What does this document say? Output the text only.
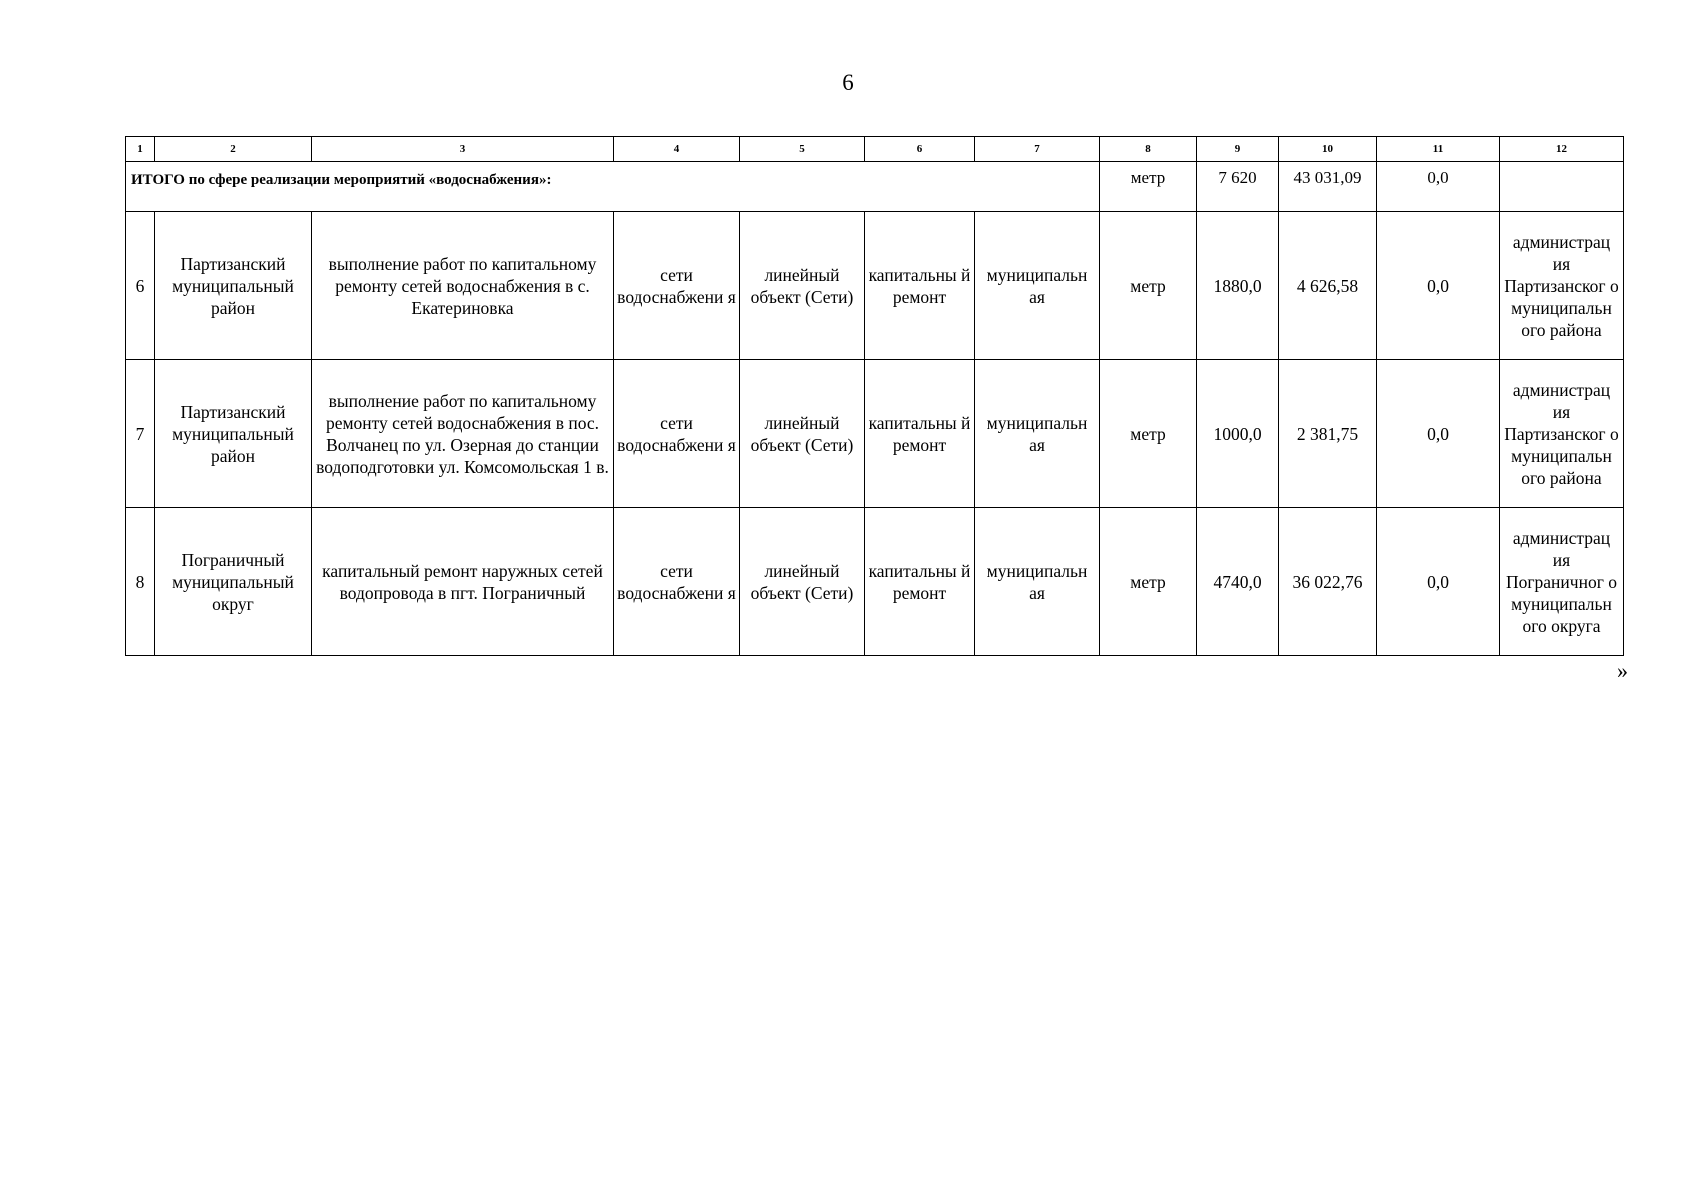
6
1	2	3	4	5	6	7	8	9	10	11	12
ИТОГО по сфере реализации мероприятий «водоснабжения»:							метр	7 620	43 031,09	0,0	
6	Партизанский муниципальный район	выполнение работ по капитальному ремонту сетей водоснабжения в с. Екатериновка	сети водоснабжени я	линейный объект (Сети)	капитальны й ремонт	муниципальн ая	метр	1880,0	4 626,58	0,0	администрац ия Партизанског о муниципальн ого района
7	Партизанский муниципальный район	выполнение работ по капитальному ремонту сетей водоснабжения в пос. Волчанец по ул. Озерная до станции водоподготовки ул. Комсомольская 1 в.	сети водоснабжени я	линейный объект (Сети)	капитальны й ремонт	муниципальн ая	метр	1000,0	2 381,75	0,0	администрац ия Партизанског о муниципальн ого района
8	Пограничный муниципальный округ	капитальный ремонт наружных сетей водопровода в пгт. Пограничный	сети водоснабжени я	линейный объект (Сети)	капитальны й ремонт	муниципальн ая	метр	4740,0	36 022,76	0,0	администрац ия Пограничног о муниципальн ого округа
»
